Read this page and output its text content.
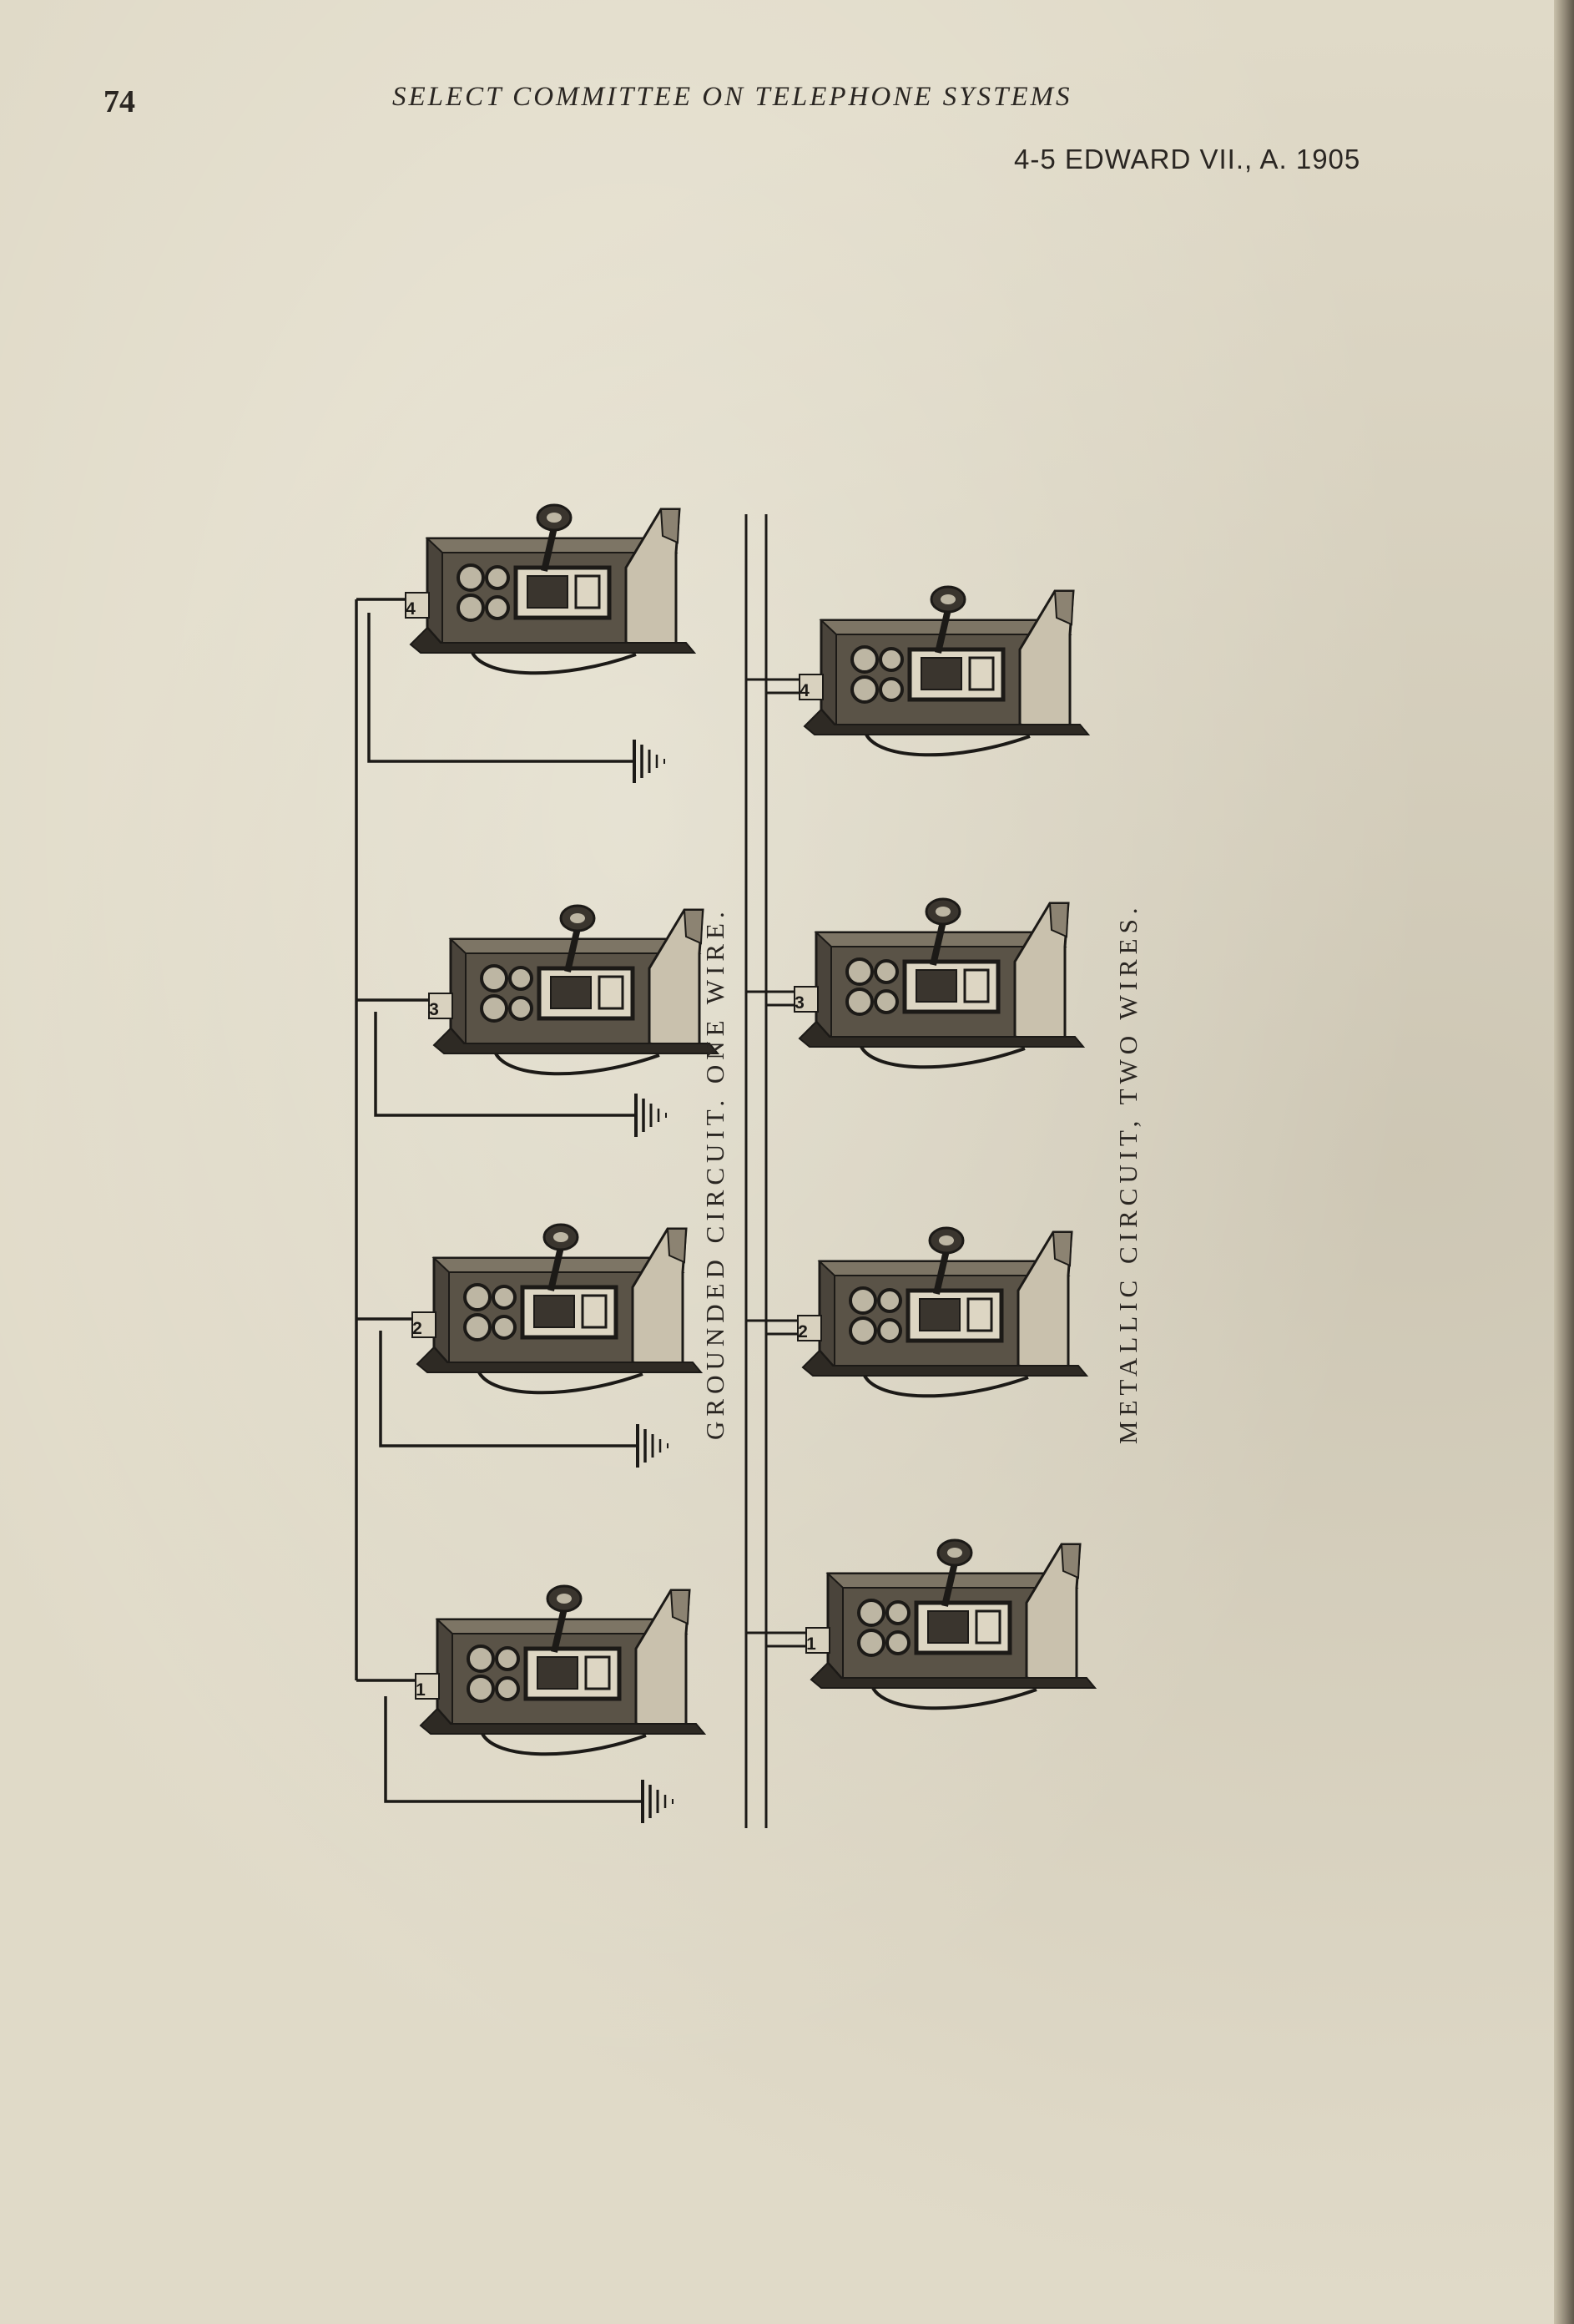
74	SELECT COMMITTEE ON TELEPHONE SYSTEMS
4-5 EDWARD VII., A. 1905
4
3
2
1
GROUNDED CIRCUIT. ONE WIRE.
4
3
2
1
METALLIC CIRCUIT, TWO WIRES.
